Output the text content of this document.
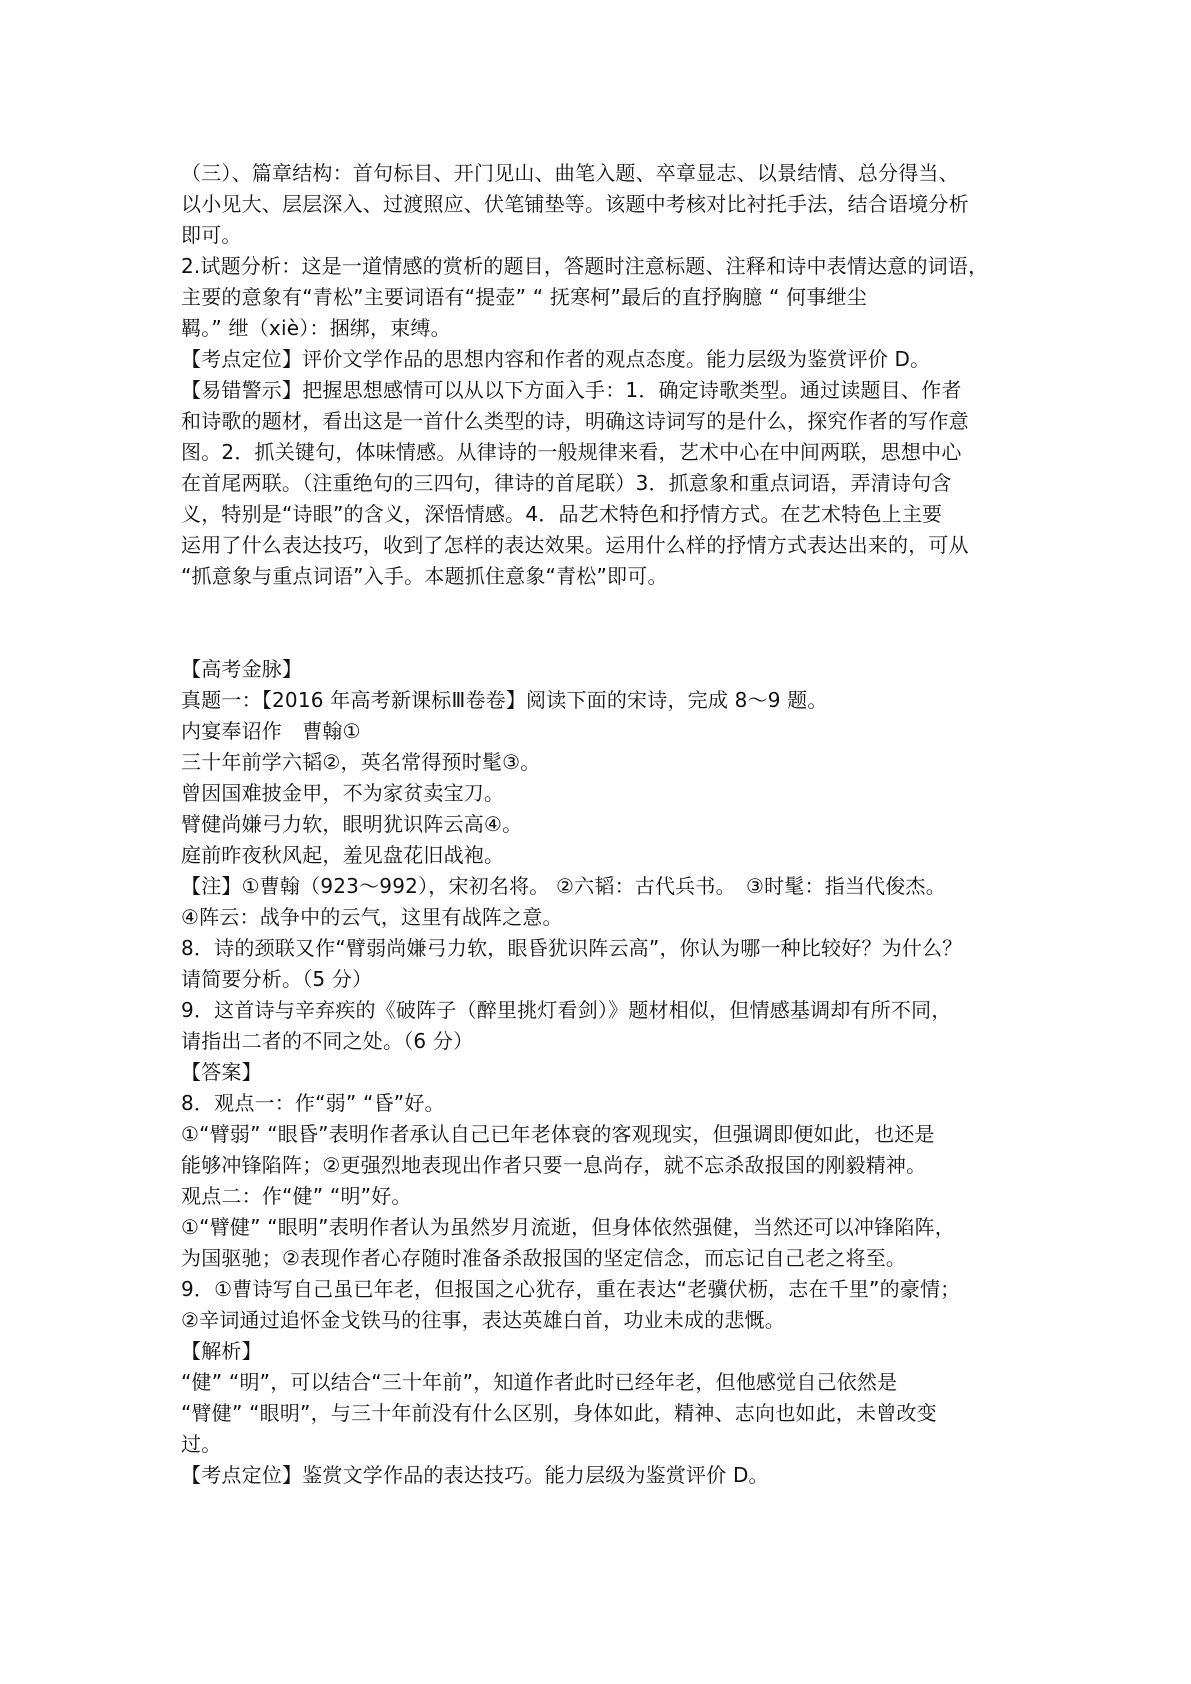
（三）、篇章结构：首句标目、开门见山、曲笔入题、卒章显志、以景结情、总分得当、
以小见大、层层深入、过渡照应、伏笔铺垫等。该题中考核对比衬托手法，结合语境分析
即可。
2.试题分析：这是一道情感的赏析的题目，答题时注意标题、注释和诗中表情达意的词语，
主要的意象有“青松”主要词语有“提壶” “ 抚寒柯”最后的直抒胸臆 “ 何事绁尘
羁。” 绁（xiè）：捆绑，束缚。
【考点定位】评价文学作品的思想内容和作者的观点态度。能力层级为鉴赏评价 D。
【易错警示】把握思想感情可以从以下方面入手：1．确定诗歌类型。通过读题目、作者
和诗歌的题材，看出这是一首什么类型的诗，明确这诗词写的是什么，探究作者的写作意
图。2．抓关键句，体味情感。从律诗的一般规律来看，艺术中心在中间两联，思想中心
在首尾两联。（注重绝句的三四句，律诗的首尾联）3．抓意象和重点词语，弄清诗句含
义，特别是“诗眼”的含义，深悟情感。4．品艺术特色和抒情方式。在艺术特色上主要
运用了什么表达技巧，收到了怎样的表达效果。运用什么样的抒情方式表达出来的，可从
“抓意象与重点词语”入手。本题抓住意象“青松”即可。
【高考金脉】
真题一：【2016 年高考新课标Ⅲ卷卷】阅读下面的宋诗，完成 8～9 题。
内宴奉诏作　曹翰①
三十年前学六韬②，英名常得预时髦③。
曾因国难披金甲，不为家贫卖宝刀。
臂健尚嫌弓力软，眼明犹识阵云高④。
庭前昨夜秋风起，羞见盘花旧战袍。
【注】①曹翰（923～992），宋初名将。 ②六韬：古代兵书。　③时髦：指当代俊杰。
④阵云：战争中的云气，这里有战阵之意。
8．诗的颈联又作“臂弱尚嫌弓力软，眼昏犹识阵云高”，你认为哪一种比较好？为什么？
请简要分析。（5 分）
9．这首诗与辛弃疾的《破阵子（醉里挑灯看剑）》题材相似，但情感基调却有所不同，
请指出二者的不同之处。（6 分）
【答案】
8．观点一：作“弱” “昏”好。
①“臂弱” “眼昏”表明作者承认自己已年老体衰的客观现实，但强调即便如此，也还是
能够冲锋陷阵；②更强烈地表现出作者只要一息尚存，就不忘杀敌报国的刚毅精神。
观点二：作“健” “明”好。
①“臂健” “眼明”表明作者认为虽然岁月流逝，但身体依然强健，当然还可以冲锋陷阵，
为国驱驰；②表现作者心存随时准备杀敌报国的坚定信念，而忘记自己老之将至。
9．①曹诗写自己虽已年老，但报国之心犹存，重在表达“老骥伏枥，志在千里”的豪情；
②辛词通过追怀金戈铁马的往事，表达英雄白首，功业未成的悲慨。
【解析】
“健” “明”，可以结合“三十年前”，知道作者此时已经年老，但他感觉自己依然是
“臂健” “眼明”，与三十年前没有什么区别，身体如此，精神、志向也如此，未曾改变
过。
【考点定位】鉴赏文学作品的表达技巧。能力层级为鉴赏评价 D。
